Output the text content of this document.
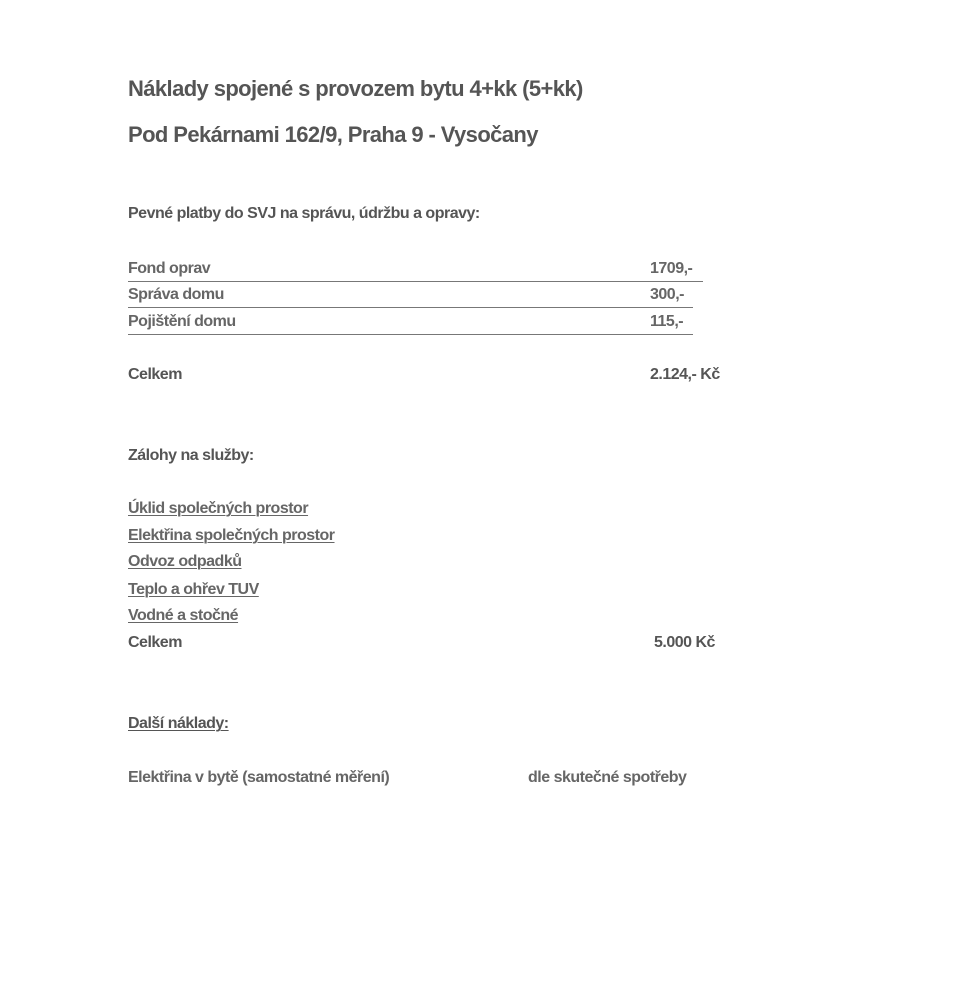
Náklady spojené s provozem bytu 4+kk (5+kk)
Pod Pekárnami 162/9, Praha 9 - Vysočany
Pevné platby do SVJ na správu, údržbu a opravy:
Fond oprav	1709,-
Správa domu	300,-
Pojištění domu	115,-
Celkem	2.124,- Kč
Zálohy na služby:
Úklid společných prostor
Elektřina společných prostor
Odvoz odpadků
Teplo a ohřev TUV
Vodné a stočné
Celkem	5.000 Kč
Další náklady:
Elektřina v bytě (samostatné měření)	dle skutečné spotřeby
